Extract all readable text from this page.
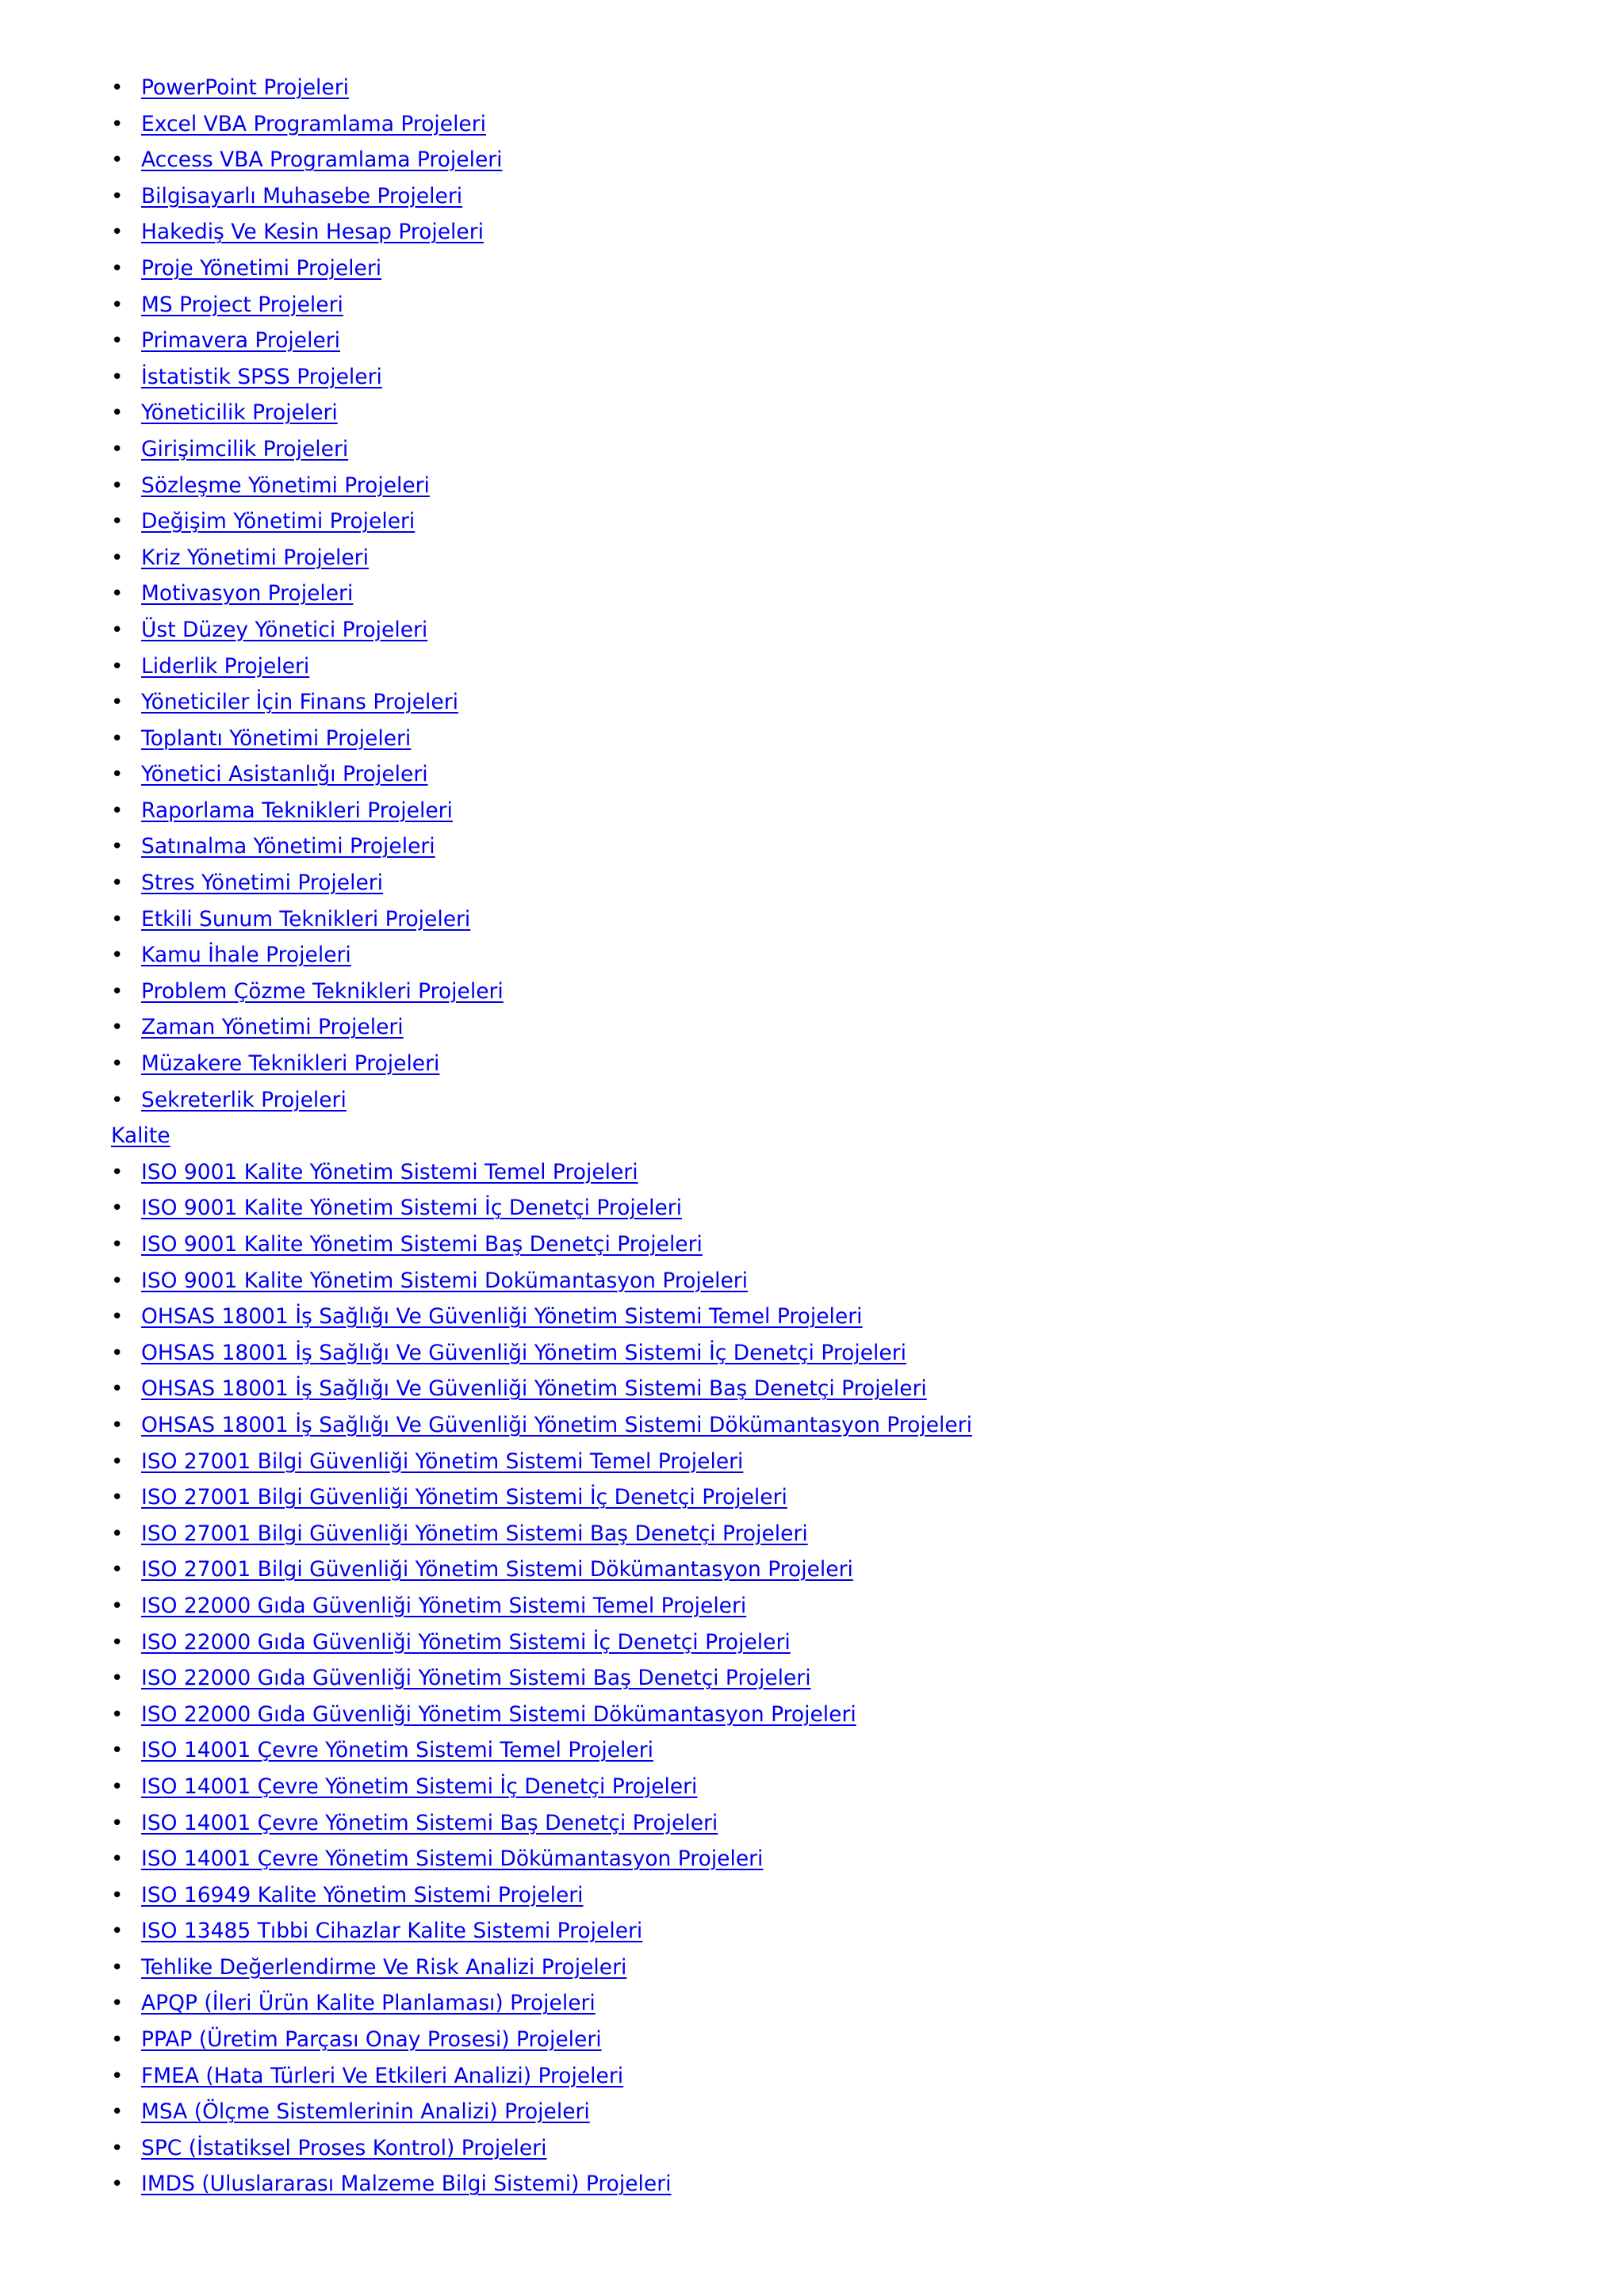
• PowerPoint Projeleri
• Excel VBA Programlama Projeleri
• Access VBA Programlama Projeleri
• Bilgisayarlı Muhasebe Projeleri
• Hakediş Ve Kesin Hesap Projeleri
• Proje Yönetimi Projeleri
• MS Project Projeleri
• Primavera Projeleri
• İstatistik SPSS Projeleri
• Yöneticilik Projeleri
• Girişimcilik Projeleri
• Sözleşme Yönetimi Projeleri
• Değişim Yönetimi Projeleri
• Kriz Yönetimi Projeleri
• Motivasyon Projeleri
• Üst Düzey Yönetici Projeleri
• Liderlik Projeleri
• Yöneticiler İçin Finans Projeleri
• Toplantı Yönetimi Projeleri
• Yönetici Asistanlığı Projeleri
• Raporlama Teknikleri Projeleri
• Satınalma Yönetimi Projeleri
• Stres Yönetimi Projeleri
• Etkili Sunum Teknikleri Projeleri
• Kamu İhale Projeleri
• Problem Çözme Teknikleri Projeleri
• Zaman Yönetimi Projeleri
• Müzakere Teknikleri Projeleri
• Sekreterlik Projeleri
Kalite
• ISO 9001 Kalite Yönetim Sistemi Temel Projeleri
• ISO 9001 Kalite Yönetim Sistemi İç Denetçi Projeleri
• ISO 9001 Kalite Yönetim Sistemi Baş Denetçi Projeleri
• ISO 9001 Kalite Yönetim Sistemi Dokümantasyon Projeleri
• OHSAS 18001 İş Sağlığı Ve Güvenliği Yönetim Sistemi Temel Projeleri
• OHSAS 18001 İş Sağlığı Ve Güvenliği Yönetim Sistemi İç Denetçi Projeleri
• OHSAS 18001 İş Sağlığı Ve Güvenliği Yönetim Sistemi Baş Denetçi Projeleri
• OHSAS 18001 İş Sağlığı Ve Güvenliği Yönetim Sistemi Dökümantasyon Projeleri
• ISO 27001 Bilgi Güvenliği Yönetim Sistemi Temel Projeleri
• ISO 27001 Bilgi Güvenliği Yönetim Sistemi İç Denetçi Projeleri
• ISO 27001 Bilgi Güvenliği Yönetim Sistemi Baş Denetçi Projeleri
• ISO 27001 Bilgi Güvenliği Yönetim Sistemi Dökümantasyon Projeleri
• ISO 22000 Gıda Güvenliği Yönetim Sistemi Temel Projeleri
• ISO 22000 Gıda Güvenliği Yönetim Sistemi İç Denetçi Projeleri
• ISO 22000 Gıda Güvenliği Yönetim Sistemi Baş Denetçi Projeleri
• ISO 22000 Gıda Güvenliği Yönetim Sistemi Dökümantasyon Projeleri
• ISO 14001 Çevre Yönetim Sistemi Temel Projeleri
• ISO 14001 Çevre Yönetim Sistemi İç Denetçi Projeleri
• ISO 14001 Çevre Yönetim Sistemi Baş Denetçi Projeleri
• ISO 14001 Çevre Yönetim Sistemi Dökümantasyon Projeleri
• ISO 16949 Kalite Yönetim Sistemi Projeleri
• ISO 13485 Tıbbi Cihazlar Kalite Sistemi Projeleri
• Tehlike Değerlendirme Ve Risk Analizi Projeleri
• APQP (İleri Ürün Kalite Planlaması) Projeleri
• PPAP (Üretim Parçası Onay Prosesi) Projeleri
• FMEA (Hata Türleri Ve Etkileri Analizi) Projeleri
• MSA (Ölçme Sistemlerinin Analizi) Projeleri
• SPC (İstatiksel Proses Kontrol) Projeleri
• IMDS (Uluslararası Malzeme Bilgi Sistemi) Projeleri
